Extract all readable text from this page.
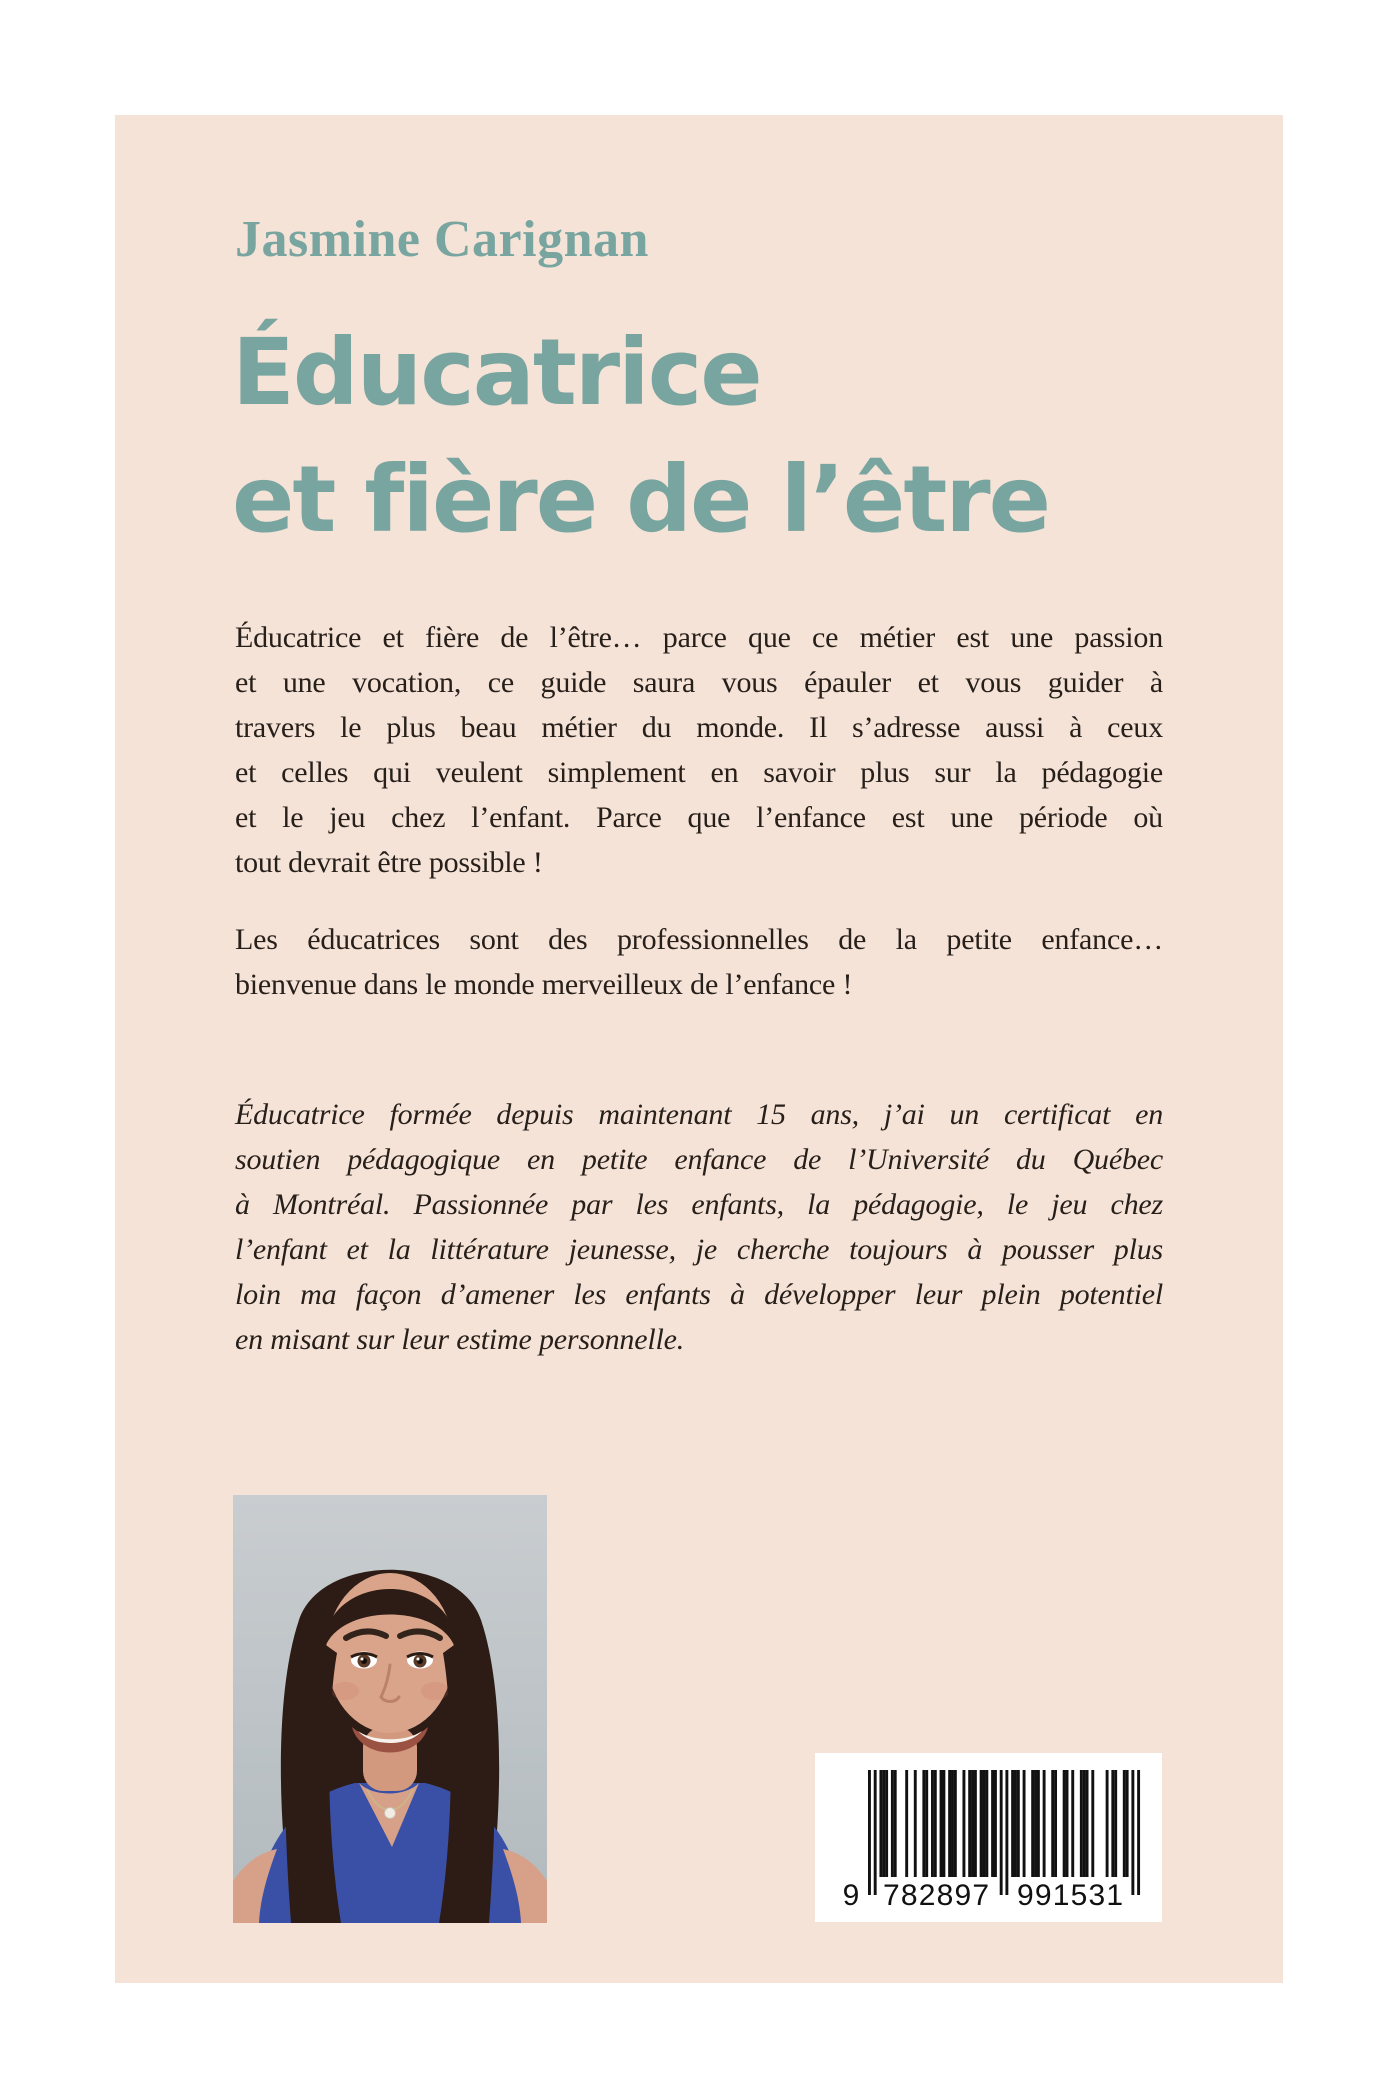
Jasmine Carignan
Éducatrice
et fière de l’être
Éducatrice et fière de l’être… parce que ce métier est une passion
et une vocation, ce guide saura vous épauler et vous guider à
travers le plus beau métier du monde. Il s’adresse aussi à ceux
et celles qui veulent simplement en savoir plus sur la pédagogie
et le jeu chez l’enfant. Parce que l’enfance est une période où
tout devrait être possible !
Les éducatrices sont des professionnelles de la petite enfance…
bienvenue dans le monde merveilleux de l’enfance !
Éducatrice formée depuis maintenant 15 ans, j’ai un certificat en
soutien pédagogique en petite enfance de l’Université du Québec
à Montréal. Passionnée par les enfants, la pédagogie, le jeu chez
l’enfant et la littérature jeunesse, je cherche toujours à pousser plus
loin ma façon d’amener les enfants à développer leur plein potentiel
en misant sur leur estime personnelle.
9 782897 991531
